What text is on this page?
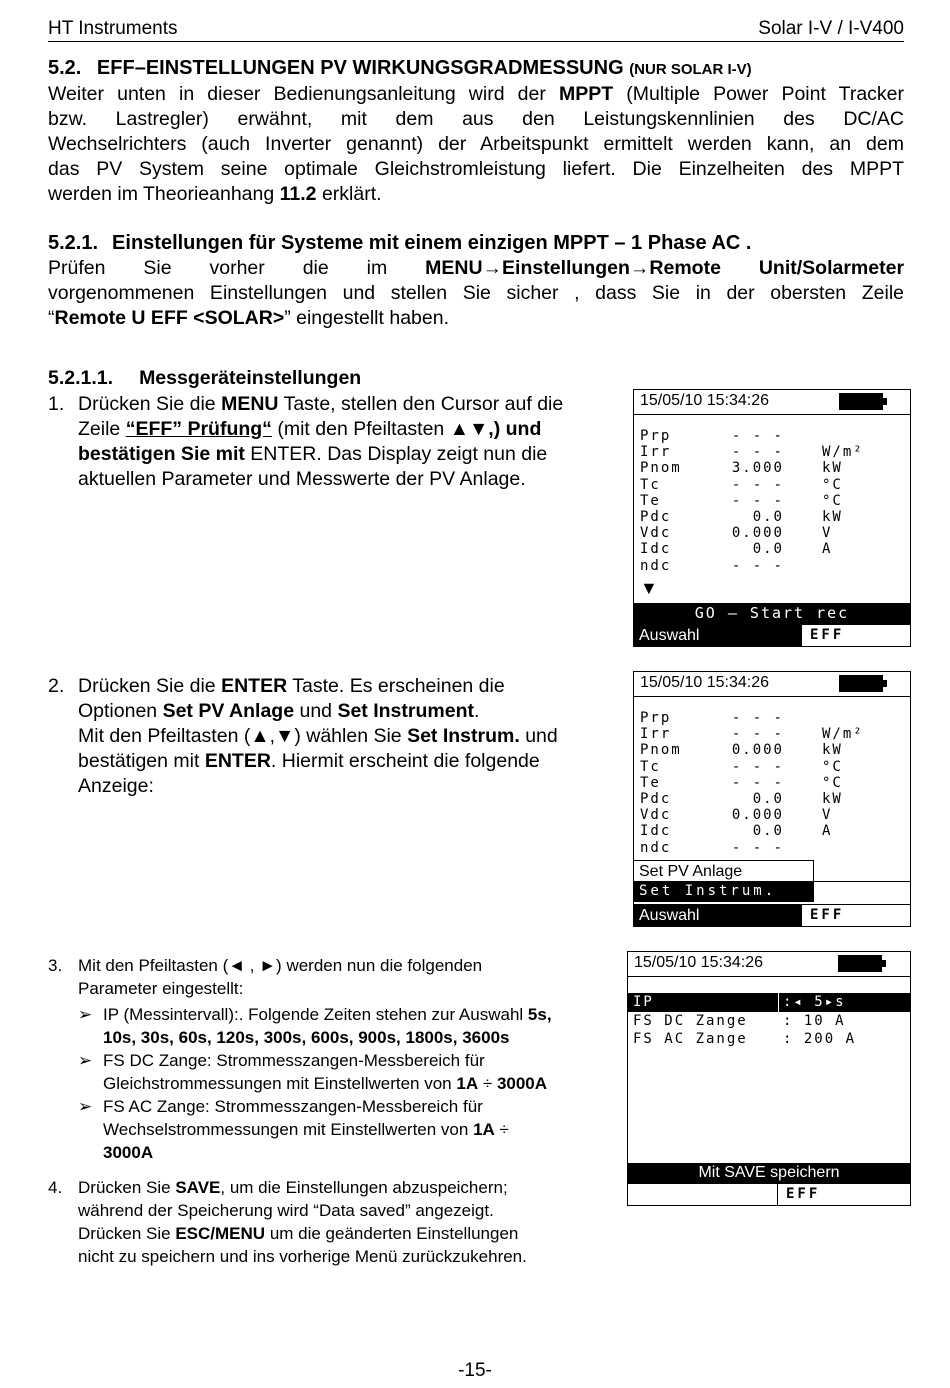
HT Instruments	Solar I-V / I-V400
5.2. EFF–EINSTELLUNGEN PV WIRKUNGSGRADMESSUNG (NUR SOLAR I-V)
Weiter unten in dieser Bedienungsanleitung wird der MPPT (Multiple Power Point Tracker
bzw. Lastregler) erwähnt, mit dem aus den Leistungskennlinien des DC/AC
Wechselrichters (auch Inverter genannt) der Arbeitspunkt ermittelt werden kann, an dem
das PV System seine optimale Gleichstromleistung liefert. Die Einzelheiten des MPPT
werden im Theorieanhang 11.2 erklärt.
5.2.1. Einstellungen für Systeme mit einem einzigen MPPT – 1 Phase AC .
Prüfen Sie vorher die im MENU→Einstellungen→Remote Unit/Solarmeter
vorgenommenen Einstellungen und stellen Sie sicher , dass Sie in der obersten Zeile
“Remote U EFF <SOLAR>” eingestellt haben.
5.2.1.1. Messgeräteinstellungen
1. Drücken Sie die MENU Taste, stellen den Cursor auf die
Zeile “EFF” Prüfung“ (mit den Pfeiltasten ▲▼,) und
bestätigen Sie mit ENTER. Das Display zeigt nun die
aktuellen Parameter und Messwerte der PV Anlage.
15/05/10 15:34:26
Prp	- - -
Irr	- - -	W/m²
Pnom	3.000	kW
Tc	- - -	°C
Te	- - -	°C
Pdc	0.0	kW
Vdc	0.000	V
Idc	0.0	A
ndc	- - -
▼
GO – Start rec
Auswahl	EFF
2. Drücken Sie die ENTER Taste. Es erscheinen die
Optionen Set PV Anlage und Set Instrument.
Mit den Pfeiltasten (▲,▼) wählen Sie Set Instrum. und
bestätigen mit ENTER. Hiermit erscheint die folgende
Anzeige:
15/05/10 15:34:26
Prp	- - -
Irr	- - -	W/m²
Pnom	0.000	kW
Tc	- - -	°C
Te	- - -	°C
Pdc	0.0	kW
Vdc	0.000	V
Idc	0.0	A
ndc	- - -
Set PV Anlage
Set Instrum.
Auswahl	EFF
3. Mit den Pfeiltasten (◄ , ►) werden nun die folgenden
Parameter eingestellt:
➢ IP (Messintervall):. Folgende Zeiten stehen zur Auswahl 5s,
10s, 30s, 60s, 120s, 300s, 600s, 900s, 1800s, 3600s
➢ FS DC Zange: Strommesszangen-Messbereich für
Gleichstrommessungen mit Einstellwerten von 1A ÷ 3000A
➢ FS AC Zange: Strommesszangen-Messbereich für
Wechselstrommessungen mit Einstellwerten von 1A ÷
3000A
4. Drücken Sie SAVE, um die Einstellungen abzuspeichern;
während der Speicherung wird “Data saved” angezeigt.
Drücken Sie ESC/MENU um die geänderten Einstellungen
nicht zu speichern und ins vorherige Menü zurückzukehren.
15/05/10 15:34:26
IP	:◂ 5▸s
FS DC Zange	: 10 A
FS AC Zange	: 200 A
Mit SAVE speichern
EFF
-15-
